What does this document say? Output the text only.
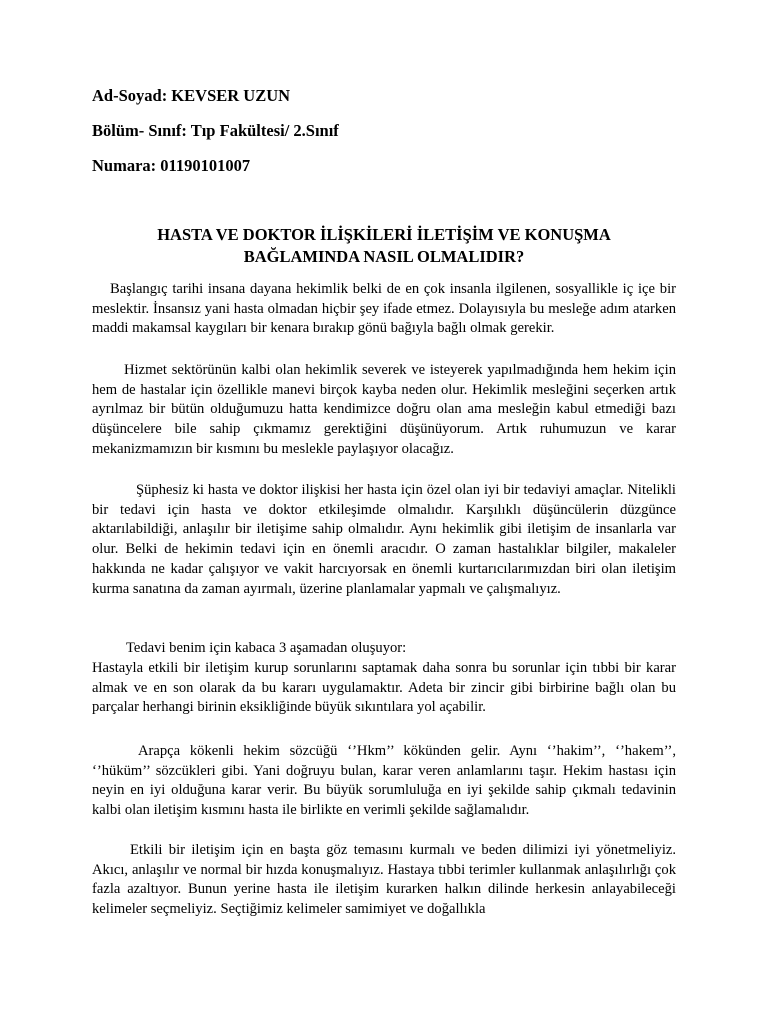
Ad-Soyad: KEVSER UZUN
Bölüm- Sınıf: Tıp Fakültesi/ 2.Sınıf
Numara: 01190101007
HASTA VE DOKTOR İLİŞKİLERİ İLETİŞİM VE KONUŞMA
BAĞLAMINDA NASIL OLMALIDIR?

Başlangıç tarihi insana dayana hekimlik belki de en çok insanla ilgilenen, sosyallikle iç içe bir meslektir. İnsansız yani hasta olmadan hiçbir şey ifade etmez. Dolayısıyla bu mesleğe adım atarken maddi makamsal kaygıları bir kenara bırakıp gönü bağıyla bağlı olmak gerekir.

Hizmet sektörünün kalbi olan hekimlik severek ve isteyerek yapılmadığında hem hekim için hem de hastalar için özellikle manevi birçok kayba neden olur. Hekimlik mesleğini seçerken artık ayrılmaz bir bütün olduğumuzu hatta kendimizce doğru olan ama mesleğin kabul etmediği bazı düşüncelere bile sahip çıkmamız gerektiğini düşünüyorum. Artık ruhumuzun ve karar mekanizmamızın bir kısmını bu meslekle paylaşıyor olacağız.

Şüphesiz ki hasta ve doktor ilişkisi her hasta için özel olan iyi bir tedaviyi amaçlar. Nitelikli bir tedavi için hasta ve doktor etkileşimde olmalıdır. Karşılıklı düşüncülerin düzgünce aktarılabildiği, anlaşılır bir iletişime sahip olmalıdır. Aynı hekimlik gibi iletişim de insanlarla var olur. Belki de hekimin tedavi için en önemli aracıdır. O zaman hastalıklar bilgiler, makaleler hakkında ne kadar çalışıyor ve vakit harcıyorsak en önemli kurtarıcılarımızdan biri olan iletişim kurma sanatına da zaman ayırmalı, üzerine planlamalar yapmalı ve çalışmalıyız.

Tedavi benim için kabaca 3 aşamadan oluşuyor:

Hastayla etkili bir iletişim kurup sorunlarını saptamak daha sonra bu sorunlar için tıbbi bir karar almak ve en son olarak da bu kararı uygulamaktır. Adeta bir zincir gibi birbirine bağlı olan bu parçalar herhangi birinin eksikliğinde büyük sıkıntılara yol açabilir.

Arapça kökenli hekim sözcüğü ‘’Hkm’’ kökünden gelir. Aynı ‘’hakim’’, ‘’hakem’’, ‘’hüküm’’ sözcükleri gibi. Yani doğruyu bulan, karar veren anlamlarını taşır. Hekim hastası için neyin en iyi olduğuna karar verir. Bu büyük sorumluluğa en iyi şekilde sahip çıkmalı tedavinin kalbi olan iletişim kısmını hasta ile birlikte en verimli şekilde sağlamalıdır.

Etkili bir iletişim için en başta göz temasını kurmalı ve beden dilimizi iyi yönetmeliyiz. Akıcı, anlaşılır ve normal bir hızda konuşmalıyız. Hastaya tıbbi terimler kullanmak anlaşılırlığı çok fazla azaltıyor. Bunun yerine hasta ile iletişim kurarken halkın dilinde herkesin anlayabileceği kelimeler seçmeliyiz. Seçtiğimiz kelimeler samimiyet ve doğallıkla
